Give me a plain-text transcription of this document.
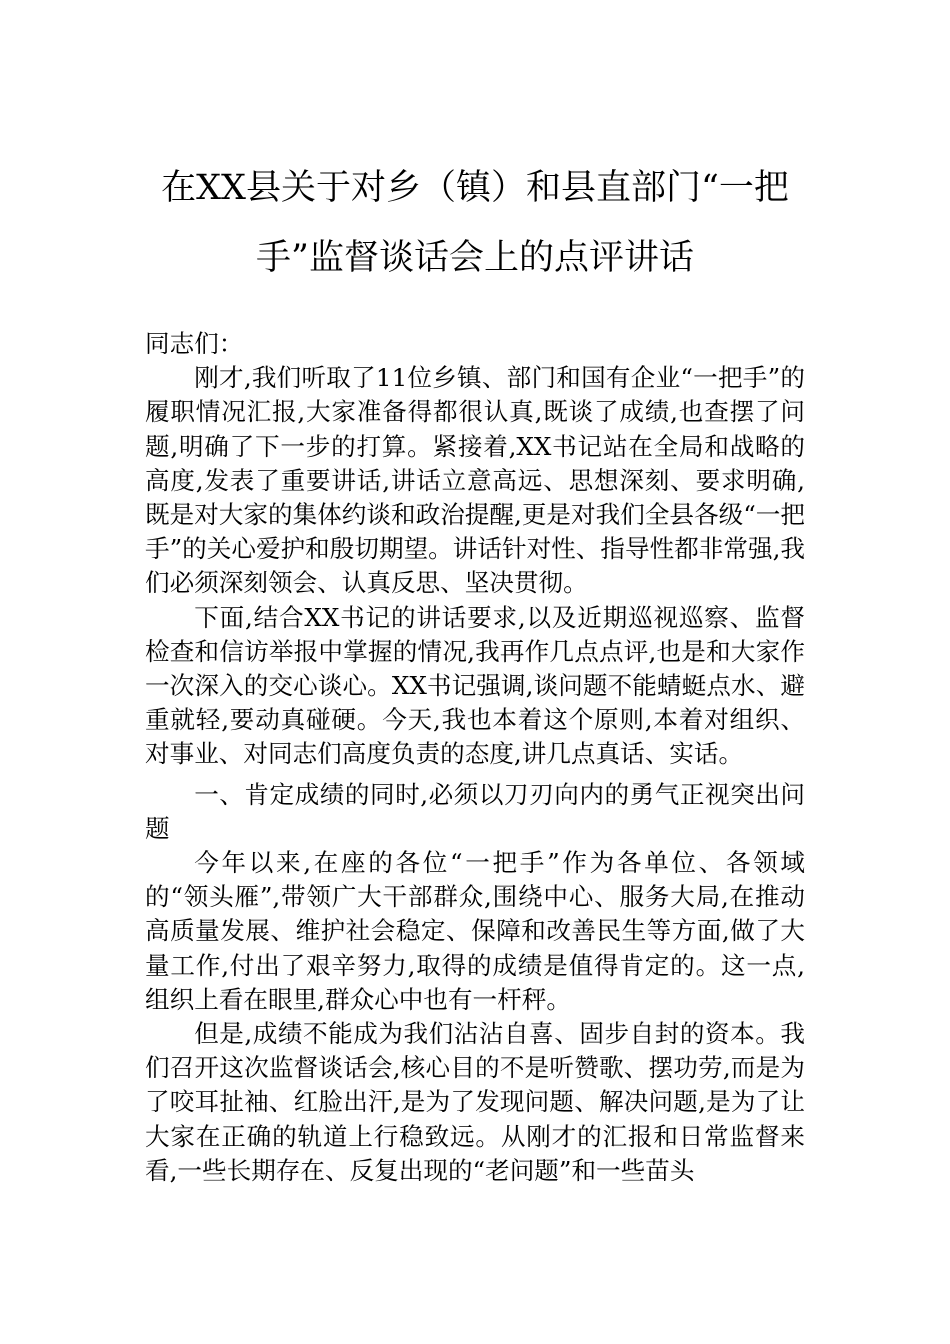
在XX县关于对乡（镇）和县直部门“一把
手”监督谈话会上的点评讲话

同志们：

刚才,我们听取了11位乡镇、部门和国有企业“一把手”的履职情况汇报,大家准备得都很认真,既谈了成绩,也查摆了问题,明确了下一步的打算。紧接着,XX书记站在全局和战略的高度,发表了重要讲话,讲话立意高远、思想深刻、要求明确,既是对大家的集体约谈和政治提醒,更是对我们全县各级“一把手”的关心爱护和殷切期望。讲话针对性、指导性都非常强,我们必须深刻领会、认真反思、坚决贯彻。

下面,结合XX书记的讲话要求,以及近期巡视巡察、监督检查和信访举报中掌握的情况,我再作几点点评,也是和大家作一次深入的交心谈心。XX书记强调,谈问题不能蜻蜓点水、避重就轻,要动真碰硬。今天,我也本着这个原则,本着对组织、对事业、对同志们高度负责的态度,讲几点真话、实话。

一、肯定成绩的同时,必须以刀刃向内的勇气正视突出问题

今年以来,在座的各位“一把手”作为各单位、各领域的“领头雁”,带领广大干部群众,围绕中心、服务大局,在推动高质量发展、维护社会稳定、保障和改善民生等方面,做了大量工作,付出了艰辛努力,取得的成绩是值得肯定的。这一点,组织上看在眼里,群众心中也有一杆秤。

但是,成绩不能成为我们沾沾自喜、固步自封的资本。我们召开这次监督谈话会,核心目的不是听赞歌、摆功劳,而是为了咬耳扯袖、红脸出汗,是为了发现问题、解决问题,是为了让大家在正确的轨道上行稳致远。从刚才的汇报和日常监督来看,一些长期存在、反复出现的“老问题”和一些苗头
